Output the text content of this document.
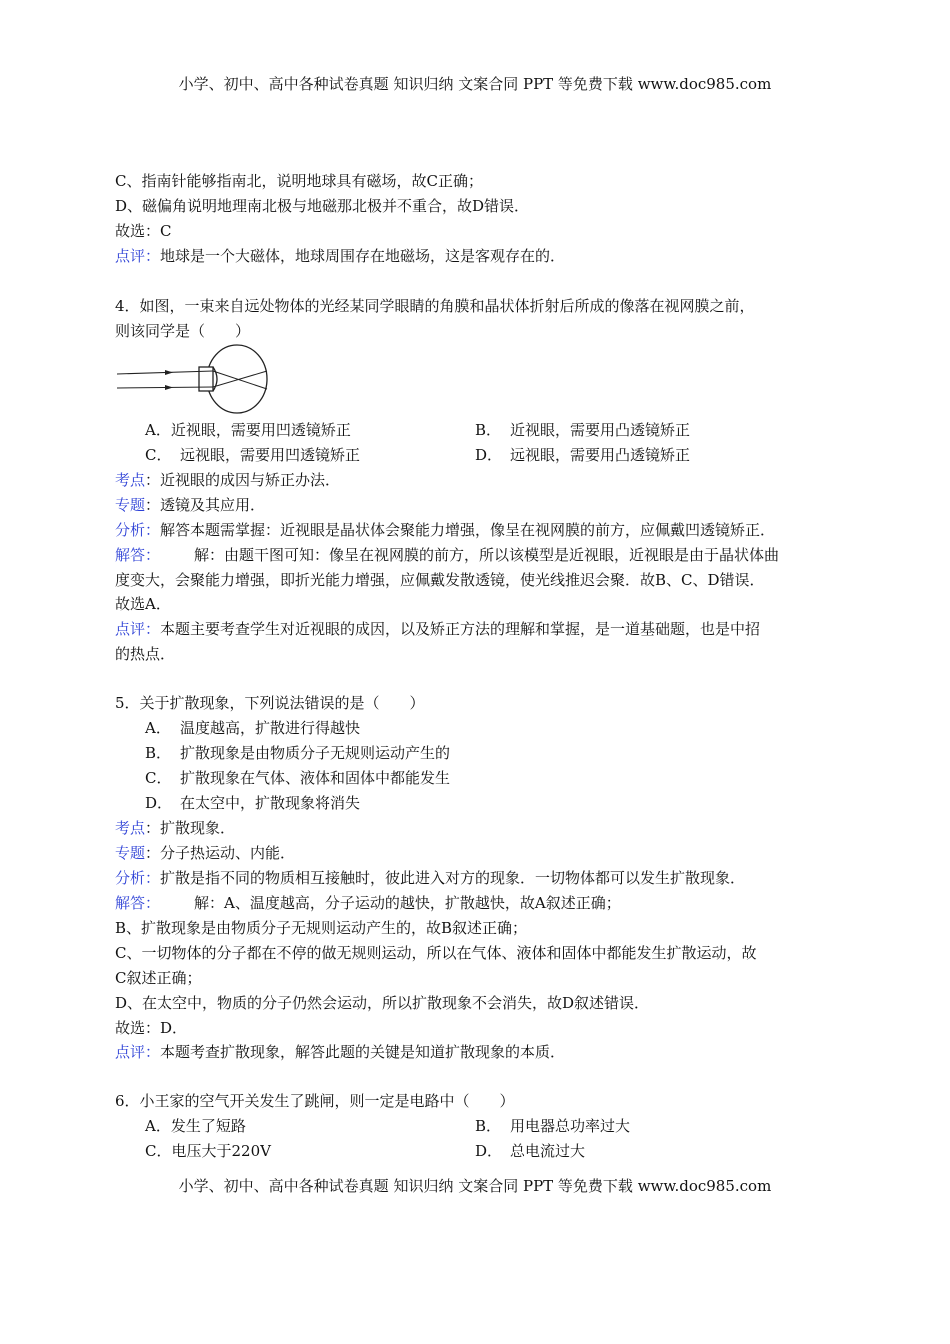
小学、初中、高中各种试卷真题 知识归纳 文案合同 PPT 等免费下载 www.doc985.com
C、指南针能够指南北，说明地球具有磁场，故C正确；
D、磁偏角说明地理南北极与地磁那北极并不重合，故D错误．
故选：C
点评：地球是一个大磁体，地球周围存在地磁场，这是客观存在的．
4．如图，一束来自远处物体的光经某同学眼睛的角膜和晶状体折射后所成的像落在视网膜之前，
则该同学是（　　）
A．近视眼，需要用凹透镜矫正	B． 近视眼，需要用凸透镜矫正
C． 远视眼，需要用凹透镜矫正	D． 远视眼，需要用凸透镜矫正
考点：近视眼的成因与矫正办法．
专题：透镜及其应用．
分析：解答本题需掌握：近视眼是晶状体会聚能力增强，像呈在视网膜的前方，应佩戴凹透镜矫正．
解答： 解：由题干图可知：像呈在视网膜的前方，所以该模型是近视眼，近视眼是由于晶状体曲
度变大，会聚能力增强，即折光能力增强，应佩戴发散透镜，使光线推迟会聚．故B、C、D错误．
故选A．
点评：本题主要考查学生对近视眼的成因，以及矫正方法的理解和掌握，是一道基础题，也是中招
的热点．
5．关于扩散现象，下列说法错误的是（　　）
A． 温度越高，扩散进行得越快
B． 扩散现象是由物质分子无规则运动产生的
C． 扩散现象在气体、液体和固体中都能发生
D． 在太空中，扩散现象将消失
考点：扩散现象．
专题：分子热运动、内能．
分析：扩散是指不同的物质相互接触时，彼此进入对方的现象．一切物体都可以发生扩散现象．
解答： 解：A、温度越高，分子运动的越快，扩散越快，故A叙述正确；
B、扩散现象是由物质分子无规则运动产生的，故B叙述正确；
C、一切物体的分子都在不停的做无规则运动，所以在气体、液体和固体中都能发生扩散运动，故
C叙述正确；
D、在太空中，物质的分子仍然会运动，所以扩散现象不会消失，故D叙述错误．
故选：D．
点评：本题考查扩散现象，解答此题的关键是知道扩散现象的本质．
6．小王家的空气开关发生了跳闸，则一定是电路中（　　）
A．发生了短路	B． 用电器总功率过大
C．电压大于220V	D． 总电流过大
小学、初中、高中各种试卷真题 知识归纳 文案合同 PPT 等免费下载 www.doc985.com
